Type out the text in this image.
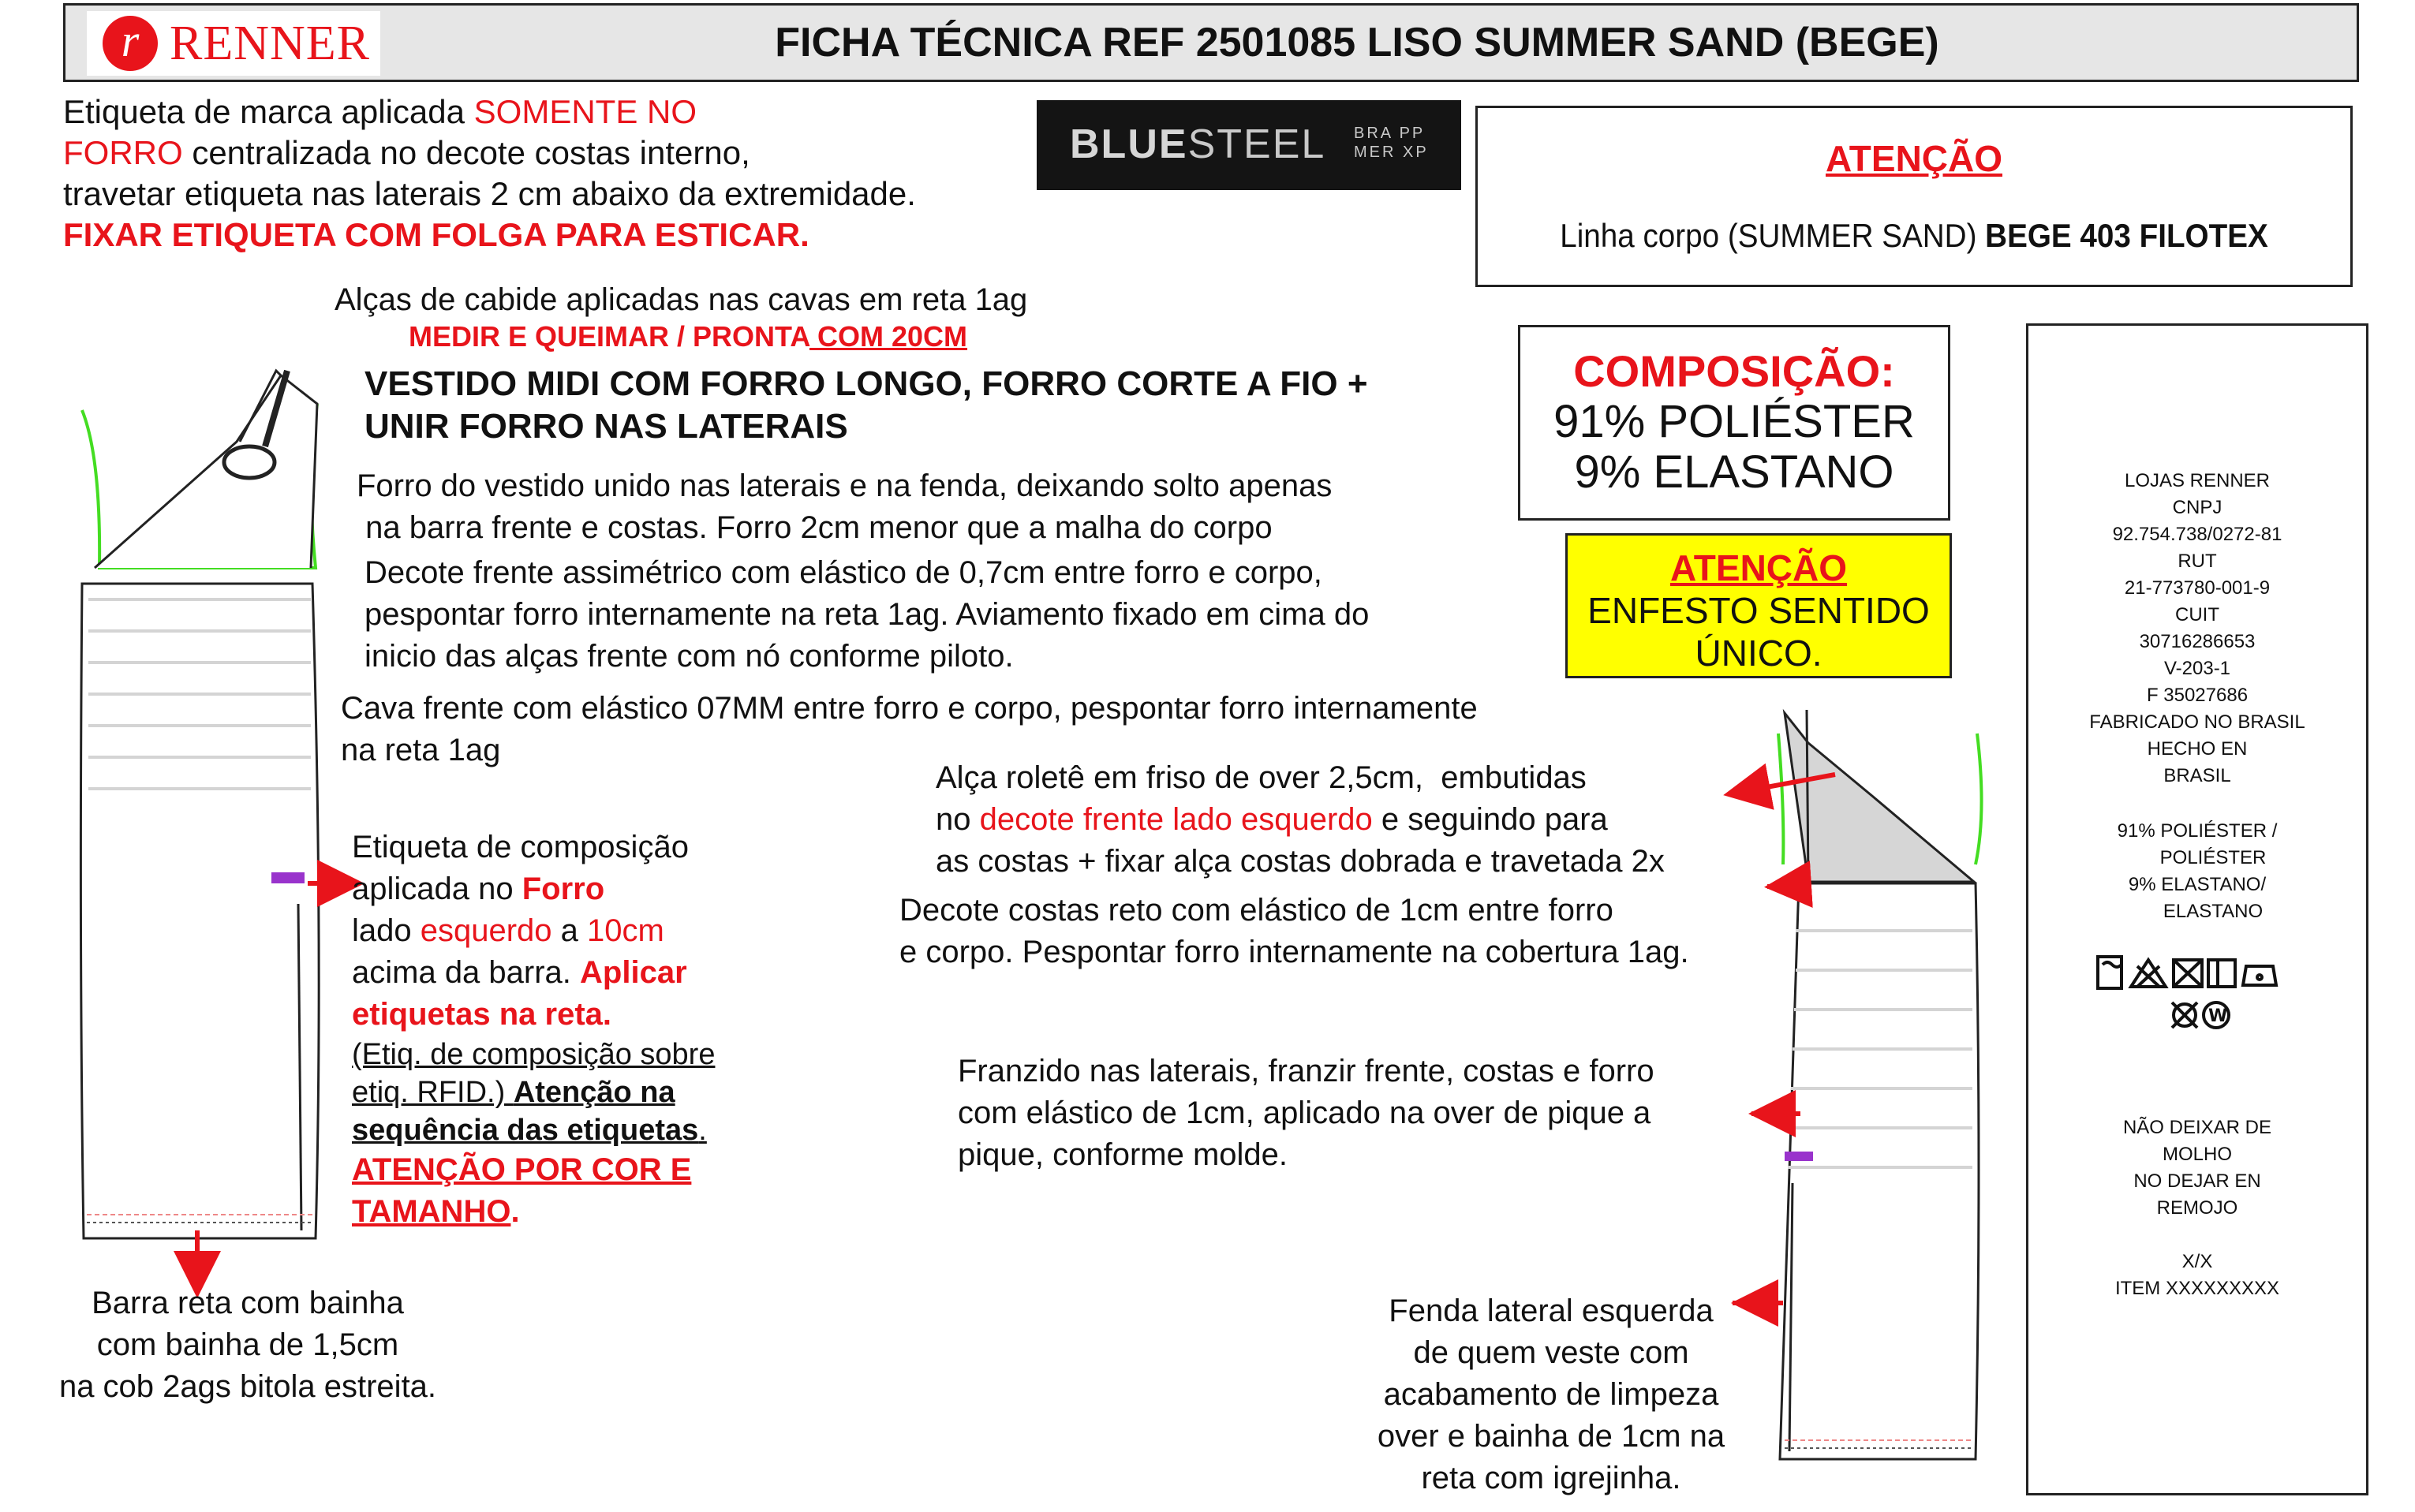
r RENNER	FICHA TÉCNICA REF 2501085 LISO SUMMER SAND (BEGE)
Etiqueta de marca aplicada SOMENTE NO
FORRO centralizada no decote costas interno,
travetar etiqueta nas laterais 2 cm abaixo da extremidade.
FIXAR ETIQUETA COM FOLGA PARA ESTICAR.
BLUESTEEL BRA PP
MER XP	ATENÇÃO
Linha corpo (SUMMER SAND) BEGE 403 FILOTEX
COMPOSIÇÃO:
91% POLIÉSTER
9% ELASTANO
ATENÇÃO
ENFESTO SENTIDO
ÚNICO.
LOJAS RENNER
CNPJ
92.754.738/0272-81
RUT
21-773780-001-9
CUIT
30716286653
V-203-1
F 35027686
FABRICADO NO BRASIL
HECHO EN
BRASIL
91% POLIÉSTER /
POLIÉSTER
9% ELASTANO/
ELASTANO
W
NÃO DEIXAR DE
MOLHO
NO DEJAR EN
REMOJO
X/X
ITEM XXXXXXXXX
Alças de cabide aplicadas nas cavas em reta 1ag
MEDIR E QUEIMAR / PRONTA COM 20CM
VESTIDO MIDI COM FORRO LONGO, FORRO CORTE A FIO +
UNIR FORRO NAS LATERAIS
Forro do vestido unido nas laterais e na fenda, deixando solto apenas
na barra frente e costas. Forro 2cm menor que a malha do corpo
Decote frente assimétrico com elástico de 0,7cm entre forro e corpo,
pespontar forro internamente na reta 1ag. Aviamento fixado em cima do
inicio das alças frente com nó conforme piloto.
Cava frente com elástico 07MM entre forro e corpo, pespontar forro internamente
na reta 1ag
Etiqueta de composição
aplicada no Forro
lado esquerdo a 10cm
acima da barra. Aplicar
etiquetas na reta.
(Etiq. de composição sobre
etiq. RFID.) Atenção na
sequência das etiquetas.
ATENÇÃO POR COR E
TAMANHO.
Barra reta com bainha
com bainha de 1,5cm
na cob 2ags bitola estreita.
Alça roletê em friso de over 2,5cm,  embutidas
no decote frente lado esquerdo e seguindo para
as costas + fixar alça costas dobrada e travetada 2x
Decote costas reto com elástico de 1cm entre forro
e corpo. Pespontar forro internamente na cobertura 1ag.
Franzido nas laterais, franzir frente, costas e forro
com elástico de 1cm, aplicado na over de pique a
pique, conforme molde.
Fenda lateral esquerda
de quem veste com
acabamento de limpeza
over e bainha de 1cm na
reta com igrejinha.
